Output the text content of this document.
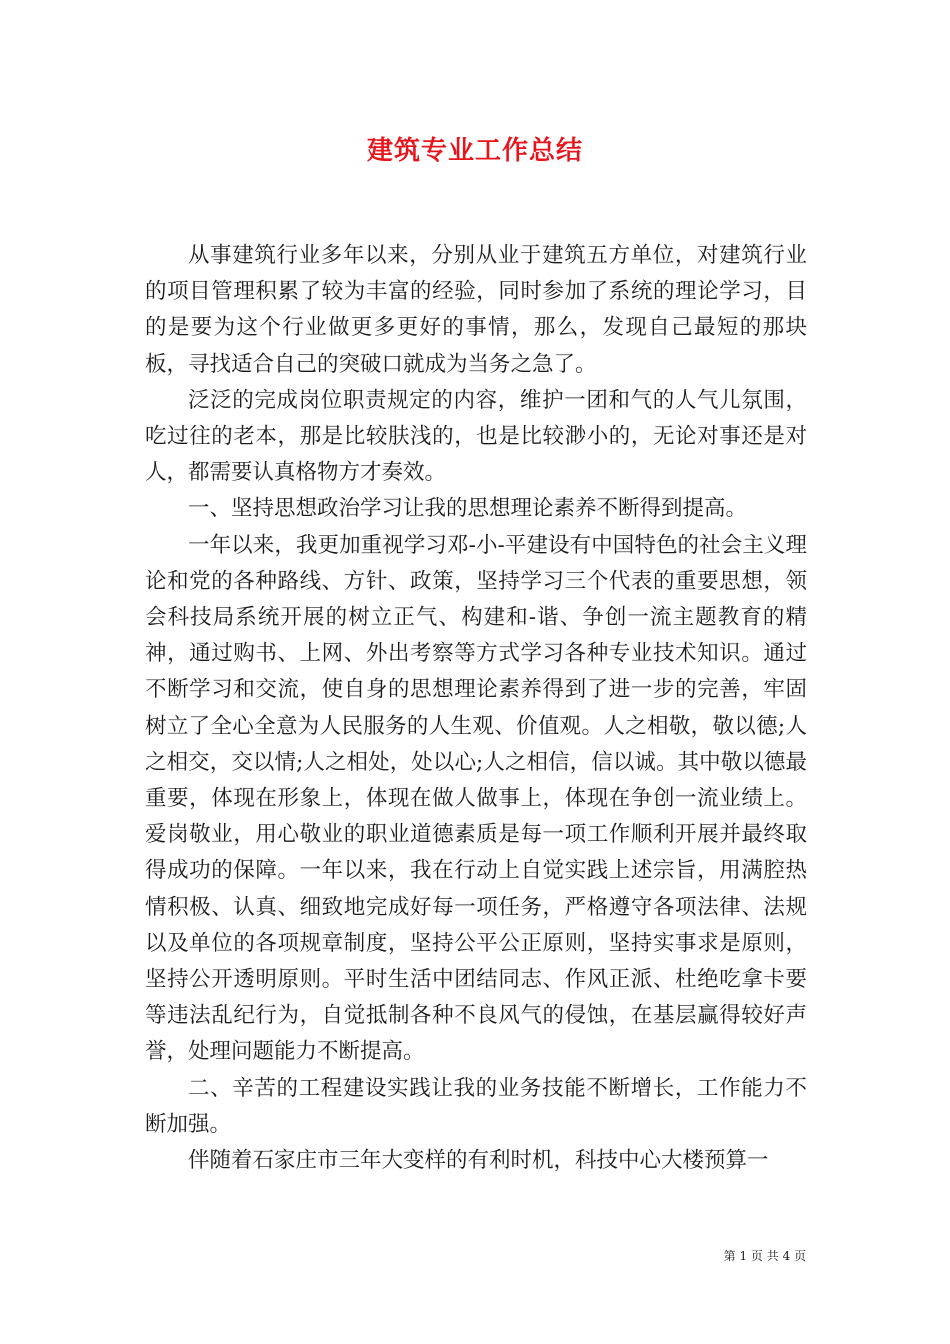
建筑专业工作总结

从事建筑行业多年以来，分别从业于建筑五方单位，对建筑行业的项目管理积累了较为丰富的经验，同时参加了系统的理论学习，目的是要为这个行业做更多更好的事情，那么，发现自己最短的那块板，寻找适合自己的突破口就成为当务之急了。

泛泛的完成岗位职责规定的内容，维护一团和气的人气儿氛围，吃过往的老本，那是比较肤浅的，也是比较渺小的，无论对事还是对人，都需要认真格物方才奏效。

一、坚持思想政治学习让我的思想理论素养不断得到提高。

一年以来，我更加重视学习邓-小-平建设有中国特色的社会主义理论和党的各种路线、方针、政策，坚持学习三个代表的重要思想，领会科技局系统开展的树立正气、构建和-谐、争创一流主题教育的精神，通过购书、上网、外出考察等方式学习各种专业技术知识。通过不断学习和交流，使自身的思想理论素养得到了进一步的完善，牢固树立了全心全意为人民服务的人生观、价值观。人之相敬，敬以德;人之相交，交以情;人之相处，处以心;人之相信，信以诚。其中敬以德最重要，体现在形象上，体现在做人做事上，体现在争创一流业绩上。爱岗敬业，用心敬业的职业道德素质是每一项工作顺利开展并最终取得成功的保障。一年以来，我在行动上自觉实践上述宗旨，用满腔热情积极、认真、细致地完成好每一项任务，严格遵守各项法律、法规以及单位的各项规章制度，坚持公平公正原则，坚持实事求是原则，坚持公开透明原则。平时生活中团结同志、作风正派、杜绝吃拿卡要等违法乱纪行为，自觉抵制各种不良风气的侵蚀，在基层赢得较好声誉，处理问题能力不断提高。

二、辛苦的工程建设实践让我的业务技能不断增长，工作能力不断加强。

伴随着石家庄市三年大变样的有利时机，科技中心大楼预算一

第 1 页 共 4 页
